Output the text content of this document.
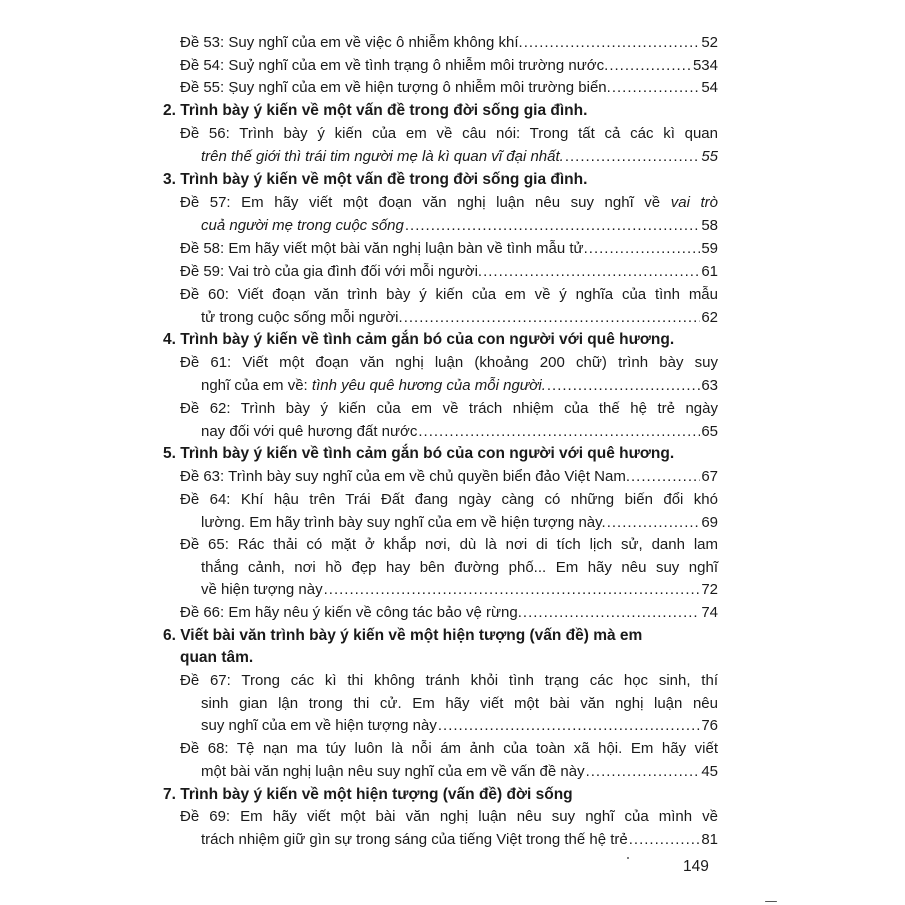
Đề 53: Suy nghĩ của em về việc ô nhiễm không khí. .....	52
Đề 54: Suỷ nghĩ của em về tình trạng ô nhiễm môi trường nước. .....	534
Đề 55: Ṣuy nghĩ của em về hiện tượng ô nhiễm môi trường biển. .....	54
2. Trình bày ý kiến về một vấn đề trong đời sống gia đình.
Đề 56: Trình bày ý kiến của em về câu nói: Trong tất cả các kì quan
trên thế giới thì trái tim người mẹ là kì quan vĩ đại nhất. .....	55
3. Trình bày ý kiến về một vấn đề trong đời sống gia đình.
Đề 57: Em hãy viết một đoạn văn nghị luận nêu suy nghĩ về vai trò
cuả người mẹ trong cuộc sống .....	58
Đề 58: Em hãy viết một bài văn nghị luận bàn về tình mẫu tử. .....	59
Đề 59: Vai trò của gia đình đối với mỗi người. .....	61
Đề 60: Viết đoạn văn trình bày ý kiến của em về ý nghĩa của tình mẫu
tử trong cuộc sống mỗi người. .....	62
4. Trình bày ý kiến về tình cảm gắn bó của con người với quê hương.
Đề 61: Viết một đoạn văn nghị luận (khoảng 200 chữ) trình bày suy
nghĩ của em về: tình yêu quê hương của mỗi người. .....	63
Đề 62: Trình bày ý kiến của em về trách nhiệm của thế hệ trẻ ngày
nay đối với quê hương đất nước .....	65
5. Trình bày ý kiến về tình cảm gắn bó của con người với quê hương.
Đề 63: Trình bày suy nghĩ của em về chủ quyền biển đảo Việt Nam. .....	67
Đề 64: Khí hậu trên Trái Đất đang ngày càng có những biến đổi khó
lường. Em hãy trình bày suy nghĩ của em về hiện tượng này. .....	69
Đề 65: Rác thải có mặt ở khắp nơi, dù là nơi di tích lịch sử, danh lam
thắng cảnh, nơi hồ đẹp hay bên đường phố... Em hãy nêu suy nghĩ
về hiện tượng này .....	72
Đề 66: Em hãy nêu ý kiến về công tác bảo vệ rừng. .....	74
6. Viết bài văn trình bày ý kiến về một hiện tượng (vấn đề) mà em
quan tâm.
Đề 67: Trong các kì thi không tránh khỏi tình trạng các học sinh, thí
sinh gian lận trong thi cử. Em hãy viết một bài văn nghị luận nêu
suy nghĩ của em về hiện tượng này .....	76
Đề 68: Tệ nạn ma túy luôn là nỗi ám ảnh của toàn xã hội. Em hãy viết
một bài văn nghị luận nêu suy nghĩ của em về vấn đề này .....	45
7. Trình bày ý kiến về một hiện tượng (vấn đề) đời sống
Đề 69: Em hãy viết một bài văn nghị luận nêu suy nghĩ của mình về
trách nhiệm giữ gìn sự trong sáng của tiếng Việt trong thế hệ trẻ .....	81
149
